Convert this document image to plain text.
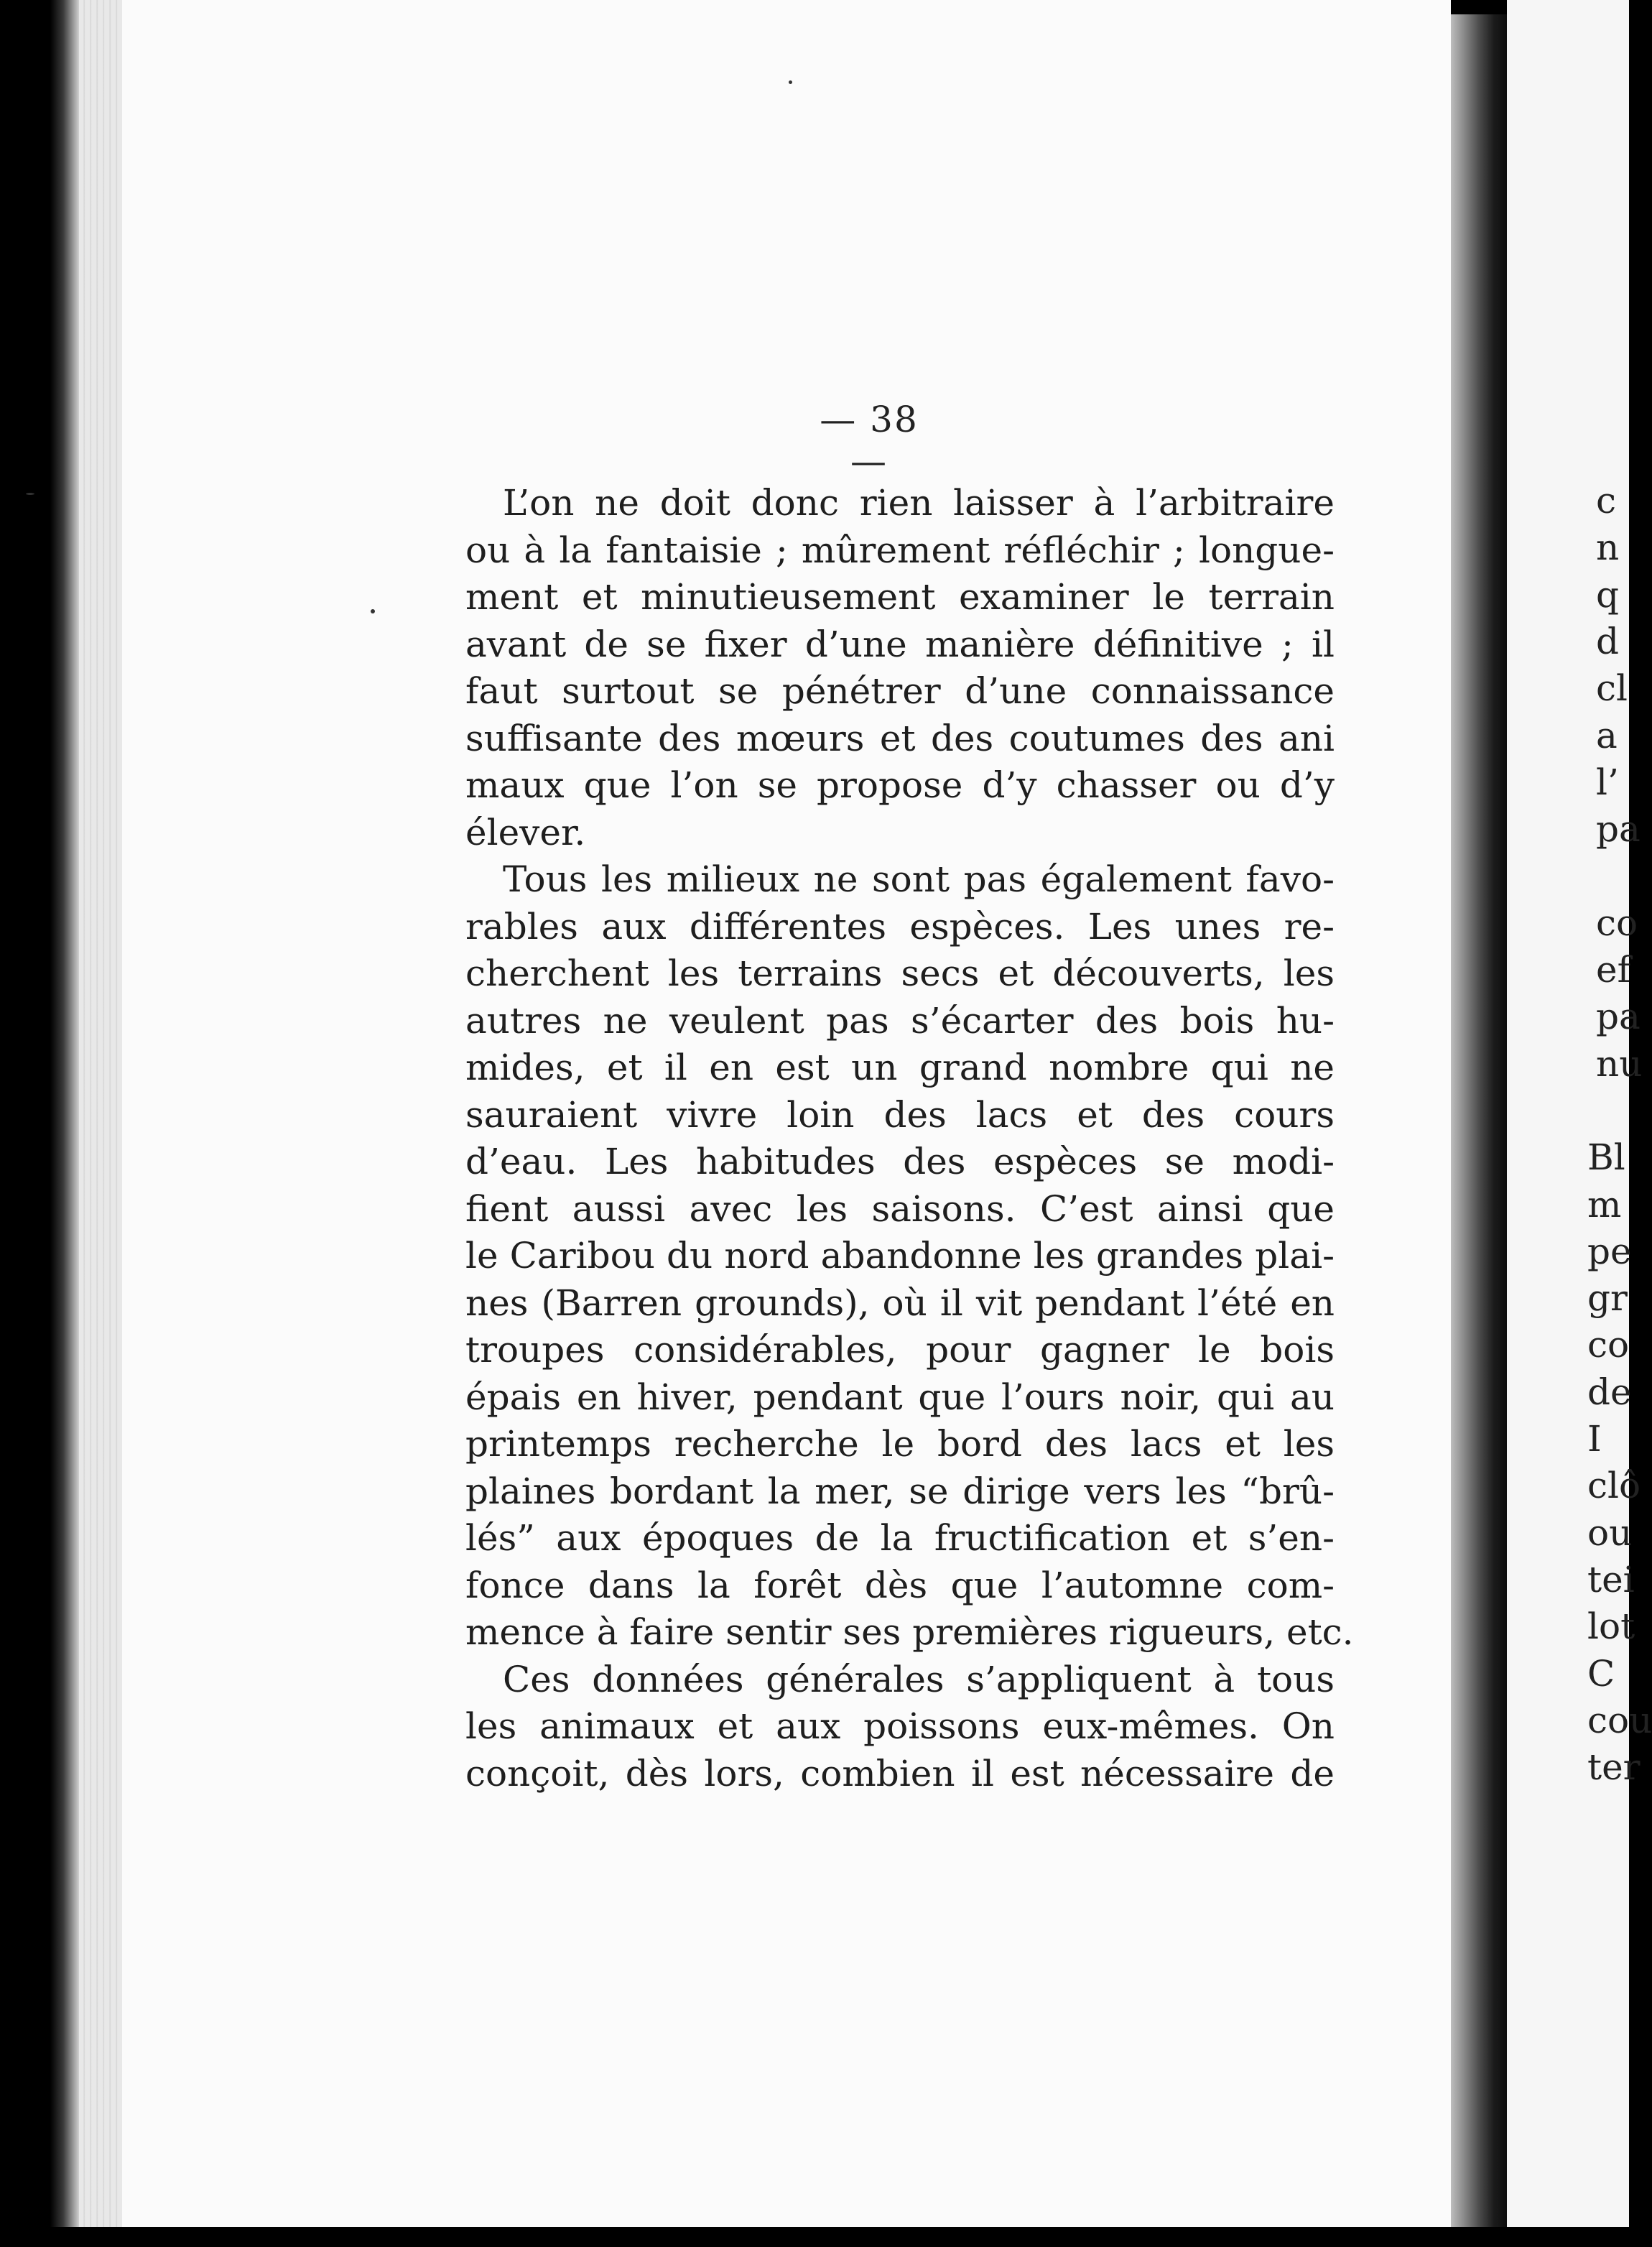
c
n
q
d
cl
a
l’
pa
co
ef
pa
nu
Bl
m
pe
gr
co
de
I
clô
ou
tei
lot
C
cou
ter
— 38 —
L’on ne doit donc rien laisser à l’arbitraire
ou à la fantaisie ; mûrement réfléchir ; longue-
ment et minutieusement examiner le terrain
avant de se fixer d’une manière définitive ; il
faut surtout se pénétrer d’une connaissance
suffisante des mœurs et des coutumes des ani
maux que l’on se propose d’y chasser ou d’y
élever.
Tous les milieux ne sont pas également favo-
rables aux différentes espèces. Les unes re-
cherchent les terrains secs et découverts, les
autres ne veulent pas s’écarter des bois hu-
mides, et il en est un grand nombre qui ne
sauraient vivre loin des lacs et des cours
d’eau. Les habitudes des espèces se modi-
fient aussi avec les saisons. C’est ainsi que
le Caribou du nord abandonne les grandes plai-
nes (Barren grounds), où il vit pendant l’été en
troupes considérables, pour gagner le bois
épais en hiver, pendant que l’ours noir, qui au
printemps recherche le bord des lacs et les
plaines bordant la mer, se dirige vers les “brû-
lés” aux époques de la fructification et s’en-
fonce dans la forêt dès que l’automne com-
mence à faire sentir ses premières rigueurs, etc.
Ces données générales s’appliquent à tous
les animaux et aux poissons eux-mêmes. On
conçoit, dès lors, combien il est nécessaire de
